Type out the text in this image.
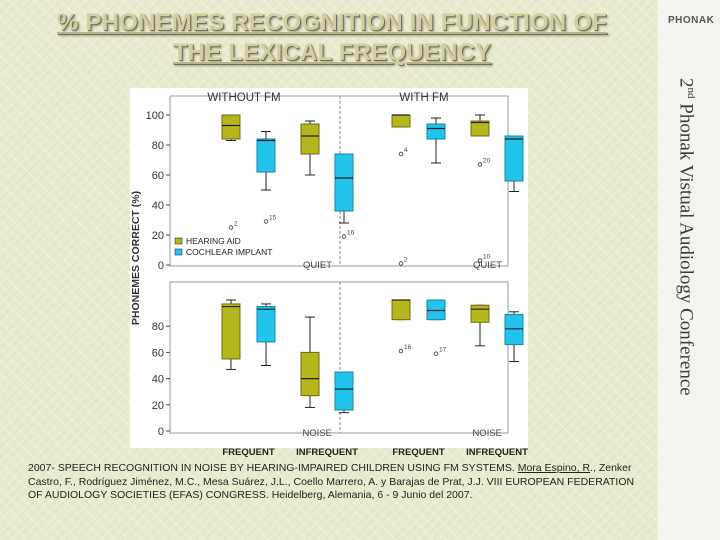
% PHONEMES RECOGNITION IN FUNCTION OF
THE LEXICAL FREQUENCY
PHONAK
2nd Phonak Vistual Audiology Conference
0
20
40
60
80
100
0
20
40
60
80
PHONEMES CORRECT (%)
WITHOUT FM	WITH FM
QUIET	QUIET
NOISE	NOISE
2
15
16
4
20
2	10
16	17
HEARING AID
COCHLEAR IMPLANT
FREQUENT INFREQUENT	FREQUENT INFREQUENT

2007- SPEECH RECOGNITION IN NOISE BY HEARING-IMPAIRED CHILDREN USING FM SYSTEMS. Mora Espino, R., Zenker Castro, F., Rodríguez Jiménez, M.C., Mesa Suárez, J.L., Coello Marrero, A. y Barajas de Prat, J.J. VIII EUROPEAN FEDERATION OF AUDIOLOGY SOCIETIES (EFAS) CONGRESS. Heidelberg, Alemania, 6 - 9 Junio del 2007.
